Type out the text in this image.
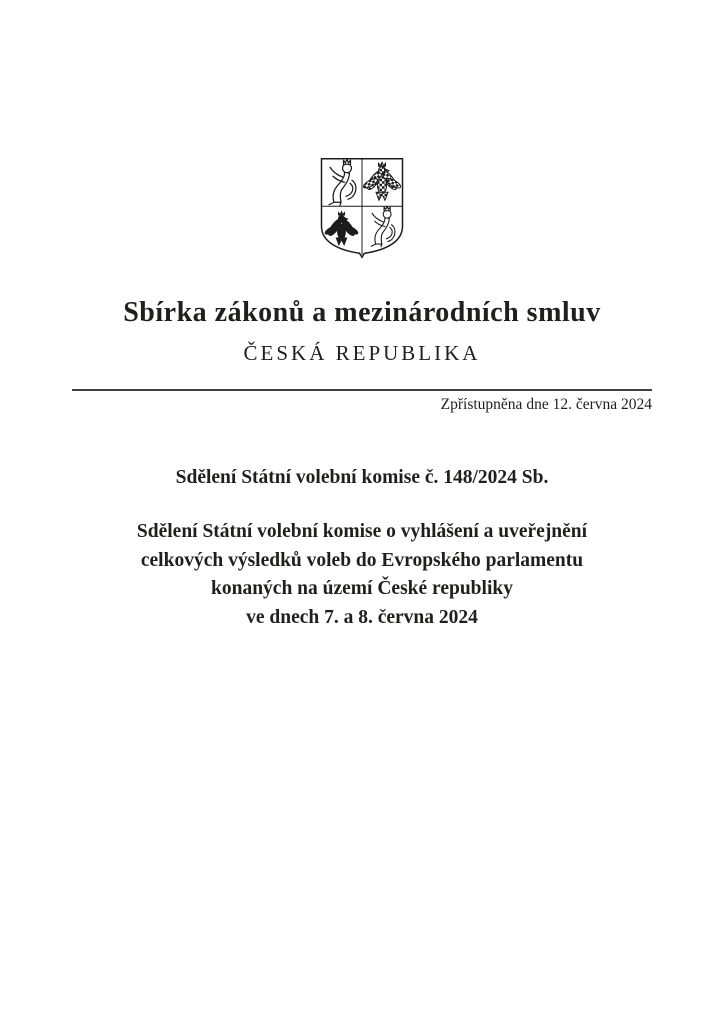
Sbírka zákonů a mezinárodních smluv
ČESKÁ REPUBLIKA
Zpřístupněna dne 12. června 2024
Sdělení Státní volební komise č. 148/2024 Sb.
Sdělení Státní volební komise o vyhlášení a uveřejnění
celkových výsledků voleb do Evropského parlamentu
konaných na území České republiky
ve dnech 7. a 8. června 2024
